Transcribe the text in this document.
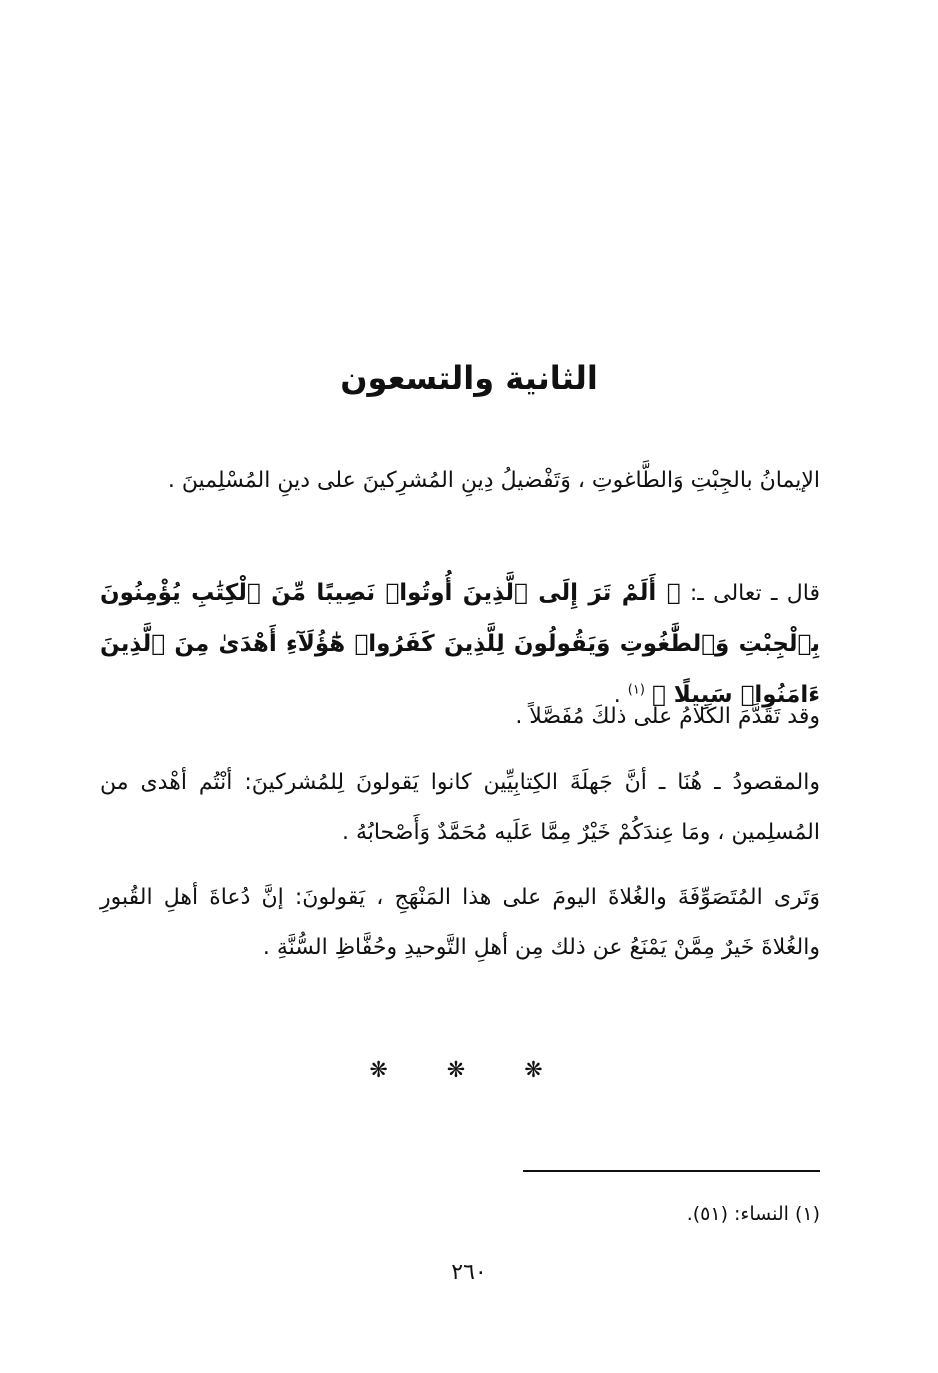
الثانية والتسعون

الإيمانُ بالجِبْتِ وَالطَّاغوتِ ، وَتَفْضيلُ دِينِ المُشرِكينَ على دينِ المُسْلِمينَ .

قال ـ تعالى ـ: ﴿ أَلَمْ تَرَ إِلَى ٱلَّذِينَ أُوتُوا۟ نَصِيبًا مِّنَ ٱلْكِتَٰبِ يُؤْمِنُونَ بِٱلْجِبْتِ وَٱلطَّٰغُوتِ وَيَقُولُونَ لِلَّذِينَ كَفَرُوا۟ هَٰٓؤُلَآءِ أَهْدَىٰ مِنَ ٱلَّذِينَ ءَامَنُوا۟ سَبِيلًا ﴾ $^{(١)}$ .

وقد تَقَدَّمَ الكَلامُ على ذلكَ مُفَصَّلاً .

والمقصودُ ـ هُنَا ـ أنَّ جَهلَةَ الكِتابِيِّين كانوا يَقولونَ لِلمُشركينَ: أنْتُم أهْدى من المُسلِمين ، ومَا عِندَكُمْ خَيْرٌ مِمَّا عَلَيه مُحَمَّدٌ وَأَصْحابُهُ .

وَتَرى المُتَصَوِّفَةَ والغُلاةَ اليومَ على هذا المَنْهَجِ ، يَقولونَ: إنَّ دُعاةَ أهلِ القُبورِ والغُلاةَ خَيرٌ مِمَّنْ يَمْنَعُ عن ذلك مِن أهلِ التَّوحيدِ وحُفَّاظِ السُّنَّةِ .

❋ ❋ ❋

(١) النساء: (٥١).

٢٦٠
